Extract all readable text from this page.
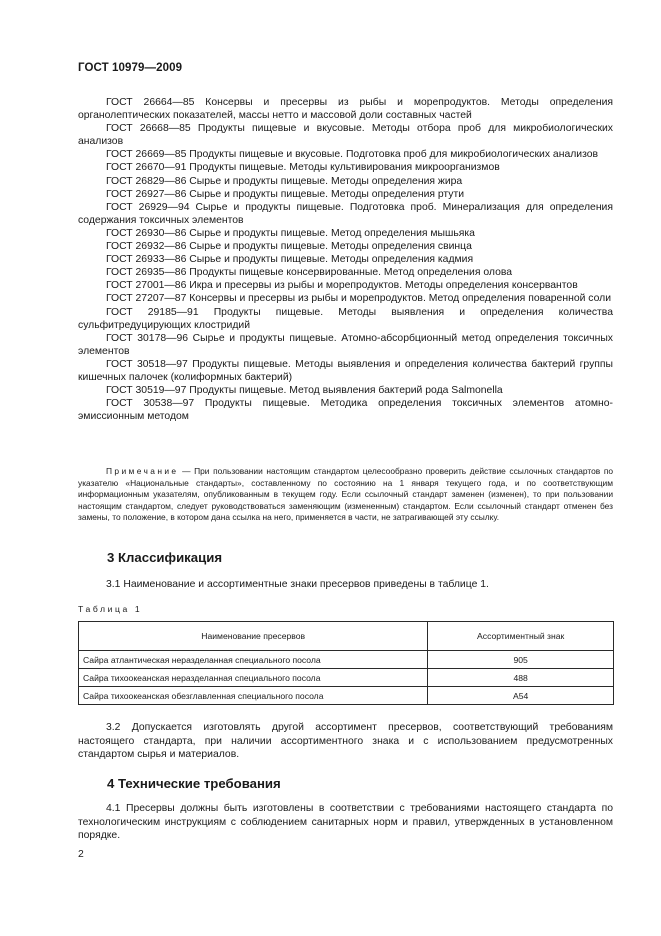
ГОСТ 10979—2009

ГОСТ 26664—85 Консервы и пресервы из рыбы и морепродуктов. Методы определения органолептических показателей, массы нетто и массовой доли составных частей

ГОСТ 26668—85 Продукты пищевые и вкусовые. Методы отбора проб для микробиологических анализов

ГОСТ 26669—85 Продукты пищевые и вкусовые. Подготовка проб для микробиологических анализов

ГОСТ 26670—91 Продукты пищевые. Методы культивирования микроорганизмов

ГОСТ 26829—86 Сырье и продукты пищевые. Методы определения жира

ГОСТ 26927—86 Сырье и продукты пищевые. Методы определения ртути

ГОСТ 26929—94 Сырье и продукты пищевые. Подготовка проб. Минерализация для определения содержания токсичных элементов

ГОСТ 26930—86 Сырье и продукты пищевые. Метод определения мышьяка

ГОСТ 26932—86 Сырье и продукты пищевые. Методы определения свинца

ГОСТ 26933—86 Сырье и продукты пищевые. Методы определения кадмия

ГОСТ 26935—86 Продукты пищевые консервированные. Метод определения олова

ГОСТ 27001—86 Икра и пресервы из рыбы и морепродуктов. Методы определения консервантов

ГОСТ 27207—87 Консервы и пресервы из рыбы и морепродуктов. Метод определения поваренной соли

ГОСТ 29185—91 Продукты пищевые. Методы выявления и определения количества сульфитредуцирующих клостридий

ГОСТ 30178—96 Сырье и продукты пищевые. Атомно-абсорбционный метод определения токсичных элементов

ГОСТ 30518—97 Продукты пищевые. Методы выявления и определения количества бактерий группы кишечных палочек (колиформных бактерий)

ГОСТ 30519—97 Продукты пищевые. Метод выявления бактерий рода Salmonella

ГОСТ 30538—97 Продукты пищевые. Методика определения токсичных элементов атомно-эмиссионным методом

Примечание — При пользовании настоящим стандартом целесообразно проверить действие ссылочных стандартов по указателю «Национальные стандарты», составленному по состоянию на 1 января текущего года, и по соответствующим информационным указателям, опубликованным в текущем году. Если ссылочный стандарт заменен (изменен), то при пользовании настоящим стандартом, следует руководствоваться заменяющим (измененным) стандартом. Если ссылочный стандарт отменен без замены, то положение, в котором дана ссылка на него, применяется в части, не затрагивающей эту ссылку.
3 Классификация

3.1 Наименование и ассортиментные знаки пресервов приведены в таблице 1.

Таблица 1
Наименование пресервов	Ассортиментный знак
Сайра атлантическая неразделанная специального посола	905
Сайра тихоокеанская неразделанная специального посола	488
Сайра тихоокеанская обезглавленная специального посола	А54

3.2 Допускается изготовлять другой ассортимент пресервов, соответствующий требованиям настоящего стандарта, при наличии ассортиментного знака и с использованием предусмотренных стандартом сырья и материалов.

4 Технические требования

4.1 Пресервы должны быть изготовлены в соответствии с требованиями настоящего стандарта по технологическим инструкциям с соблюдением санитарных норм и правил, утвержденных в установленном порядке.

2
